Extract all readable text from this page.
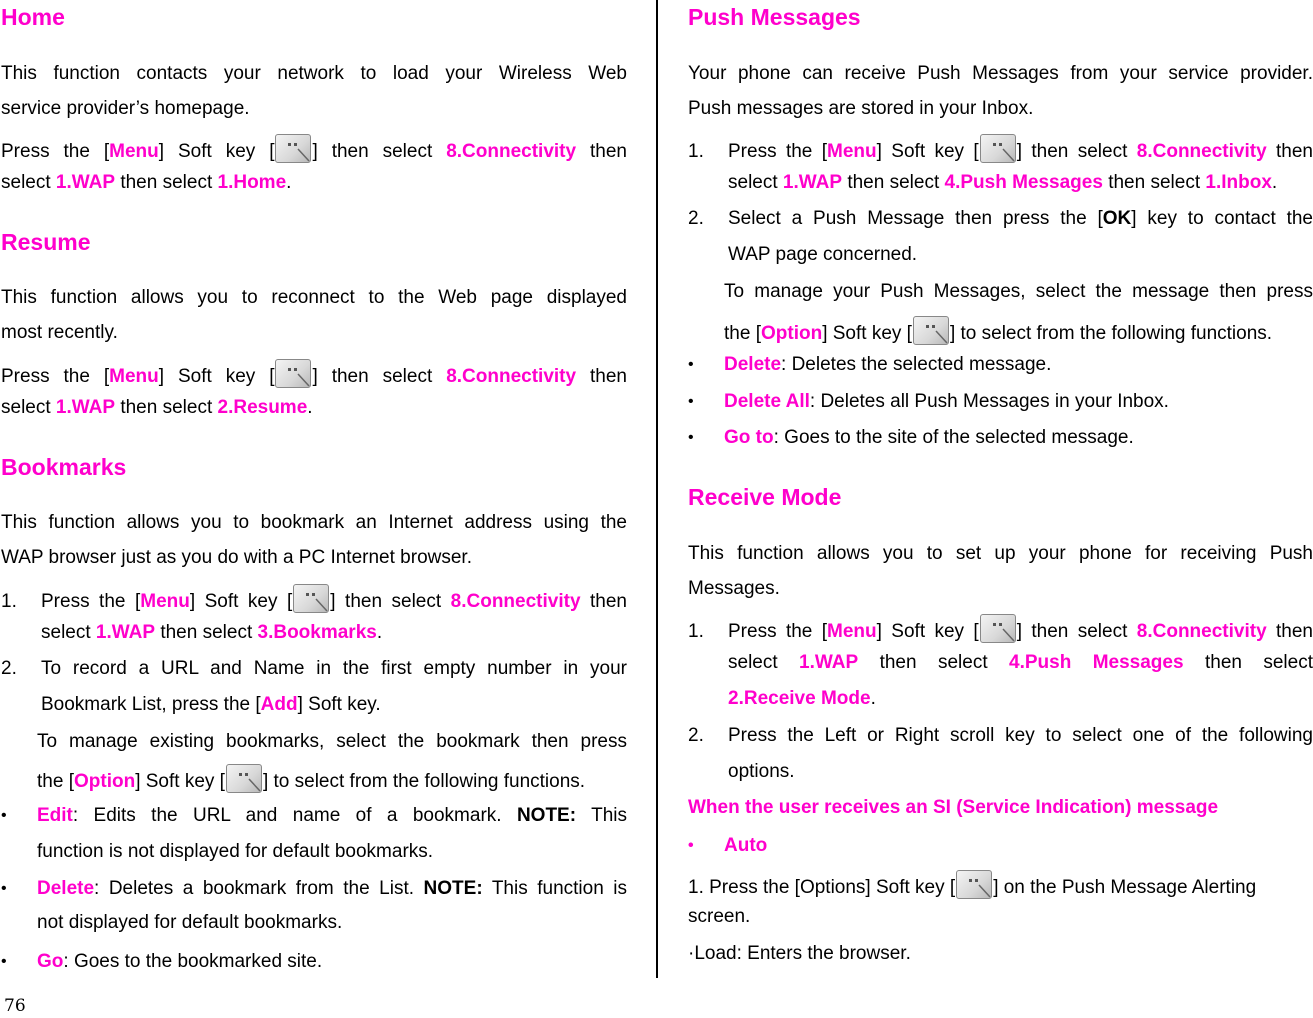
Home
This function contacts your network to load your Wireless Web
service provider’s homepage.
Press the [Menu] Soft key [ ] then select 8.Connectivity then
select 1.WAP then select 1.Home.
Resume
This function allows you to reconnect to the Web page displayed
most recently.
Press the [Menu] Soft key [ ] then select 8.Connectivity then
select 1.WAP then select 2.Resume.
Bookmarks
This function allows you to bookmark an Internet address using the
WAP browser just as you do with a PC Internet browser.
1. Press the [Menu] Soft key [ ] then select 8.Connectivity then
select 1.WAP then select 3.Bookmarks.
2. To record a URL and Name in the first empty number in your
Bookmark List, press the [Add] Soft key.
To manage existing bookmarks, select the bookmark then press
the [Option] Soft key [ ] to select from the following functions.
• Edit: Edits the URL and name of a bookmark. NOTE: This
function is not displayed for default bookmarks.
• Delete: Deletes a bookmark from the List. NOTE: This function is
not displayed for default bookmarks.
• Go: Goes to the bookmarked site.
Push Messages
Your phone can receive Push Messages from your service provider.
Push messages are stored in your Inbox.
1. Press the [Menu] Soft key [ ] then select 8.Connectivity then
select 1.WAP then select 4.Push Messages then select 1.Inbox.
2. Select a Push Message then press the [OK] key to contact the
WAP page concerned.
To manage your Push Messages, select the message then press
the [Option] Soft key [ ] to select from the following functions.
• Delete: Deletes the selected message.
• Delete All: Deletes all Push Messages in your Inbox.
• Go to: Goes to the site of the selected message.
Receive Mode
This function allows you to set up your phone for receiving Push
Messages.
1. Press the [Menu] Soft key [ ] then select 8.Connectivity then
select 1.WAP then select 4.Push Messages then select
2.Receive Mode.
2. Press the Left or Right scroll key to select one of the following
options.
When the user receives an SI (Service Indication) message
• Auto
1. Press the [Options] Soft key [ ] on the Push Message Alerting
screen.
·Load: Enters the browser.
76
